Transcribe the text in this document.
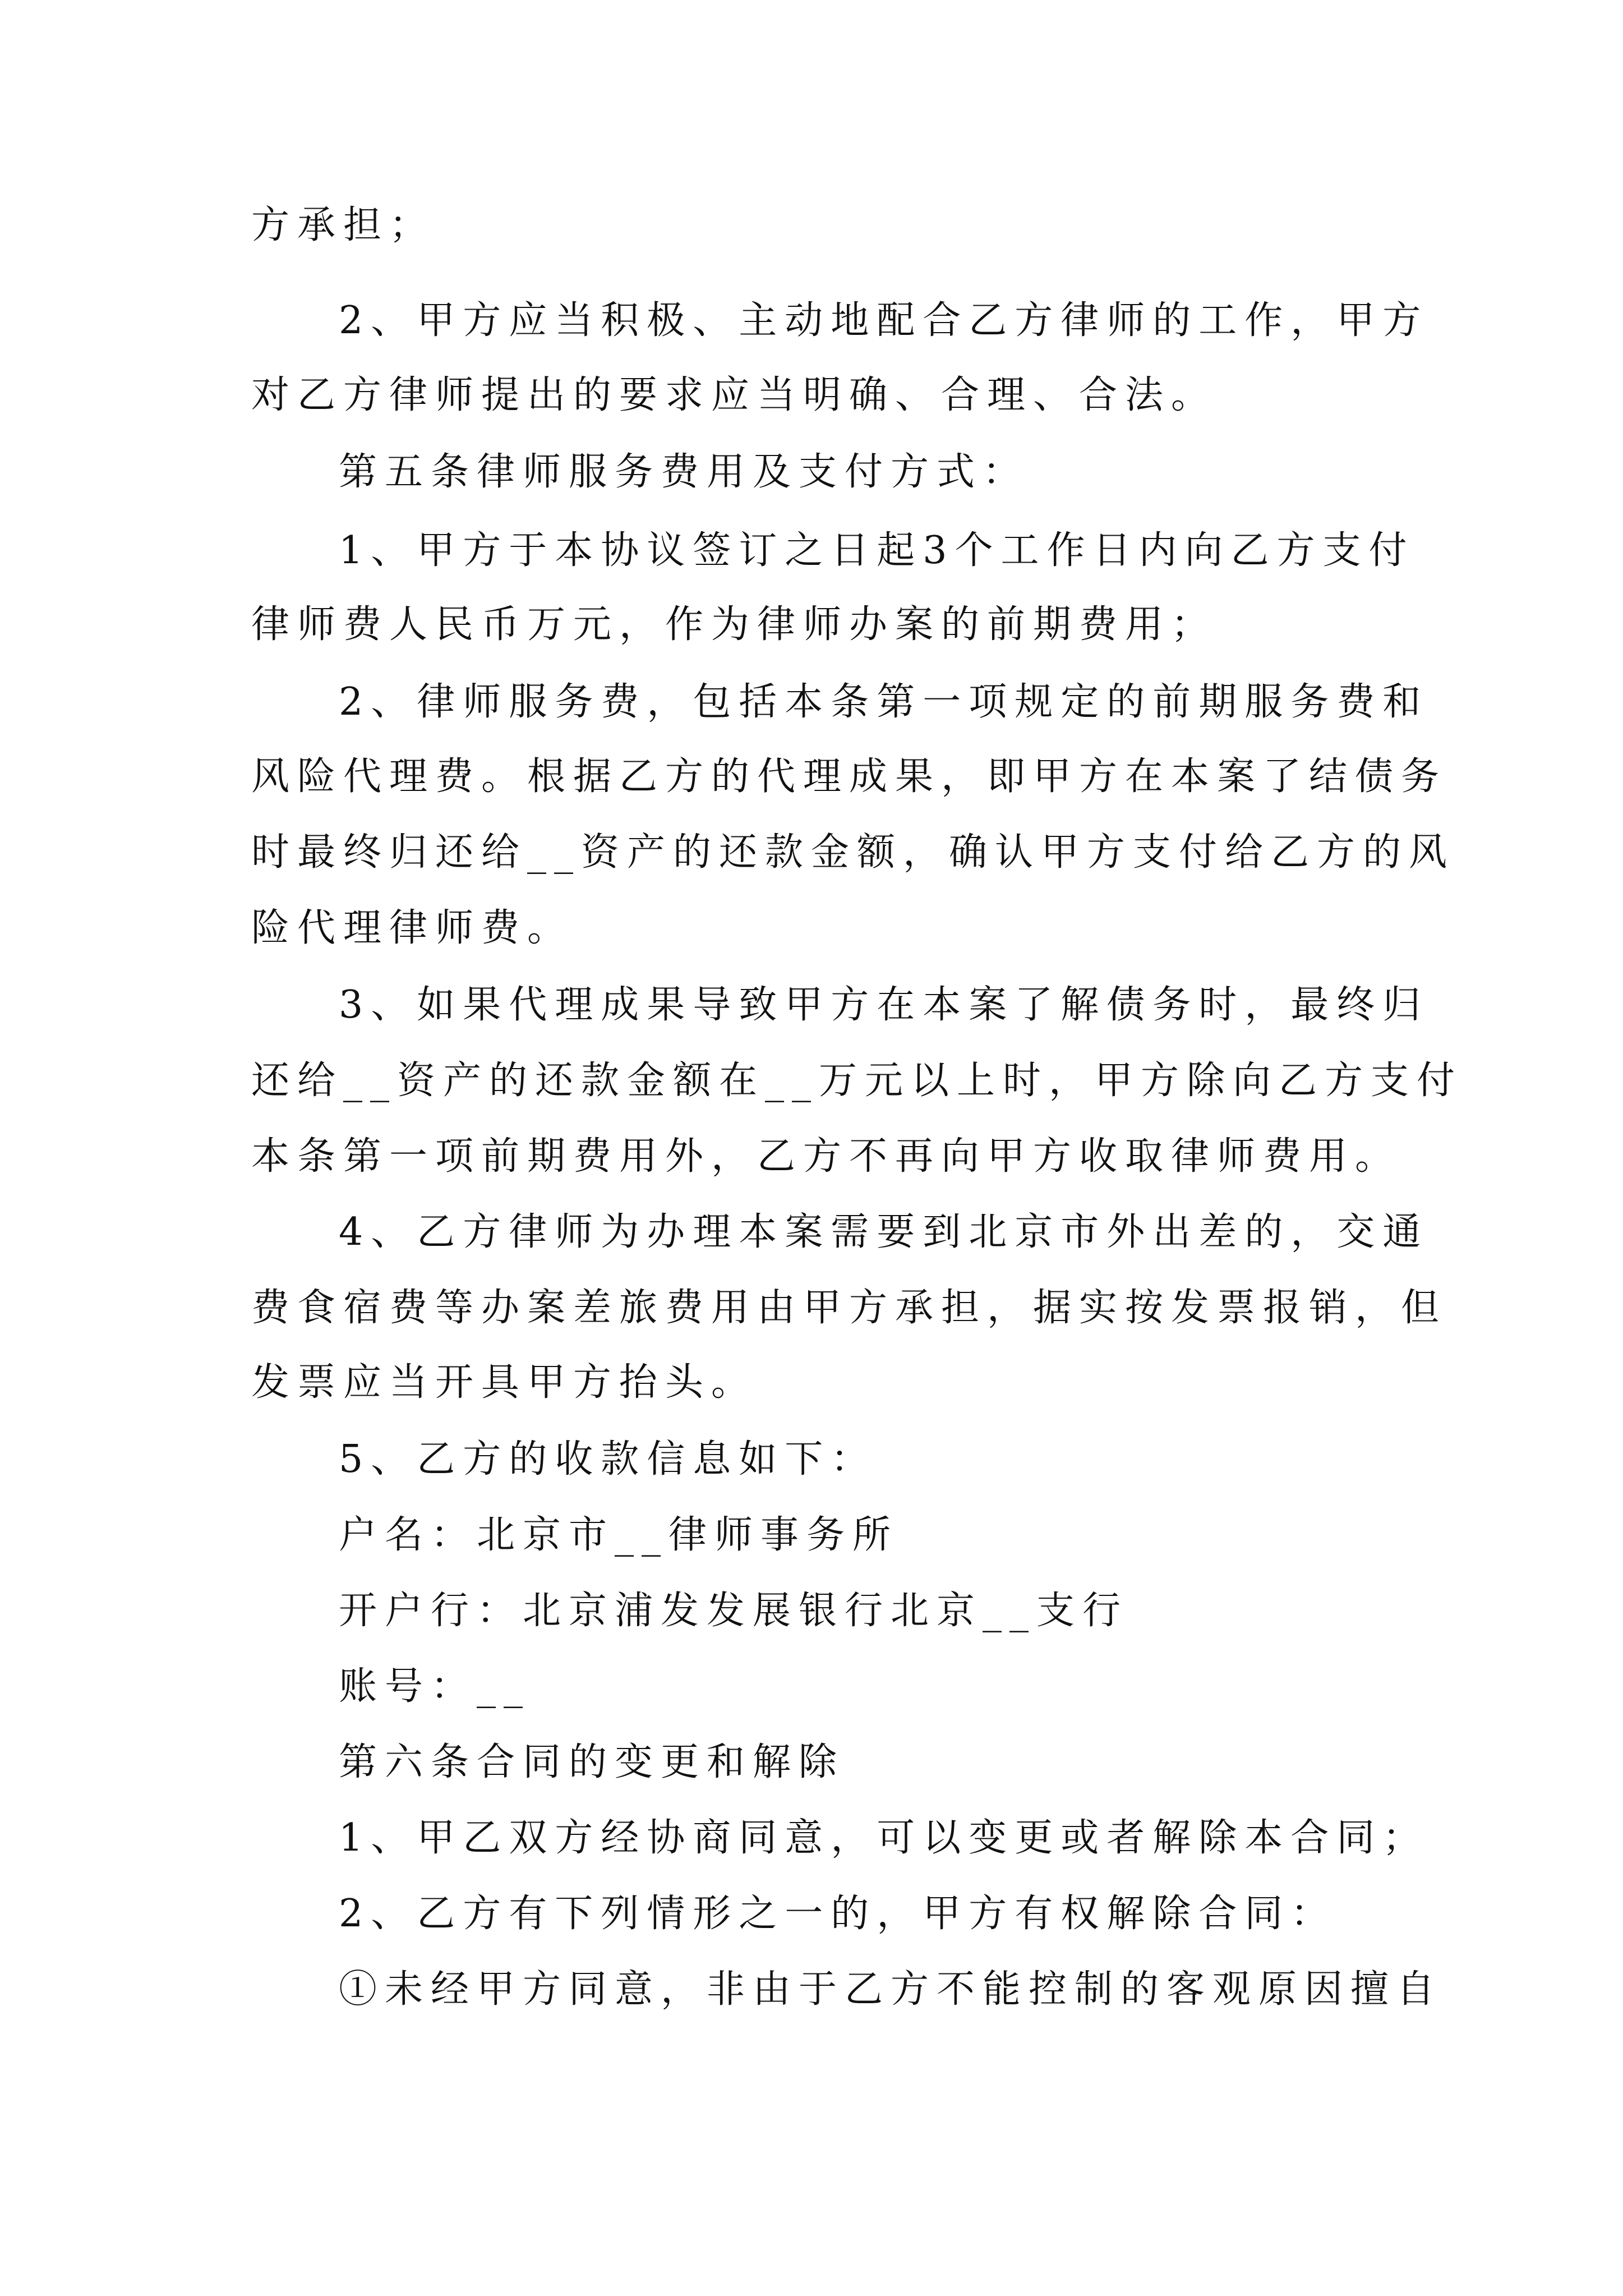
方承担；
2、甲方应当积极、主动地配合乙方律师的工作，甲方
对乙方律师提出的要求应当明确、合理、合法。
第五条律师服务费用及支付方式：
1、甲方于本协议签订之日起3个工作日内向乙方支付
律师费人民币万元，作为律师办案的前期费用；
2、律师服务费，包括本条第一项规定的前期服务费和
风险代理费。根据乙方的代理成果，即甲方在本案了结债务
时最终归还给__资产的还款金额，确认甲方支付给乙方的风
险代理律师费。
3、如果代理成果导致甲方在本案了解债务时，最终归
还给__资产的还款金额在__万元以上时，甲方除向乙方支付
本条第一项前期费用外，乙方不再向甲方收取律师费用。
4、乙方律师为办理本案需要到北京市外出差的，交通
费食宿费等办案差旅费用由甲方承担，据实按发票报销，但
发票应当开具甲方抬头。
5、乙方的收款信息如下：
户名：北京市__律师事务所
开户行：北京浦发发展银行北京__支行
账号：__
第六条合同的变更和解除
1、甲乙双方经协商同意，可以变更或者解除本合同；
2、乙方有下列情形之一的，甲方有权解除合同：
①未经甲方同意，非由于乙方不能控制的客观原因擅自
